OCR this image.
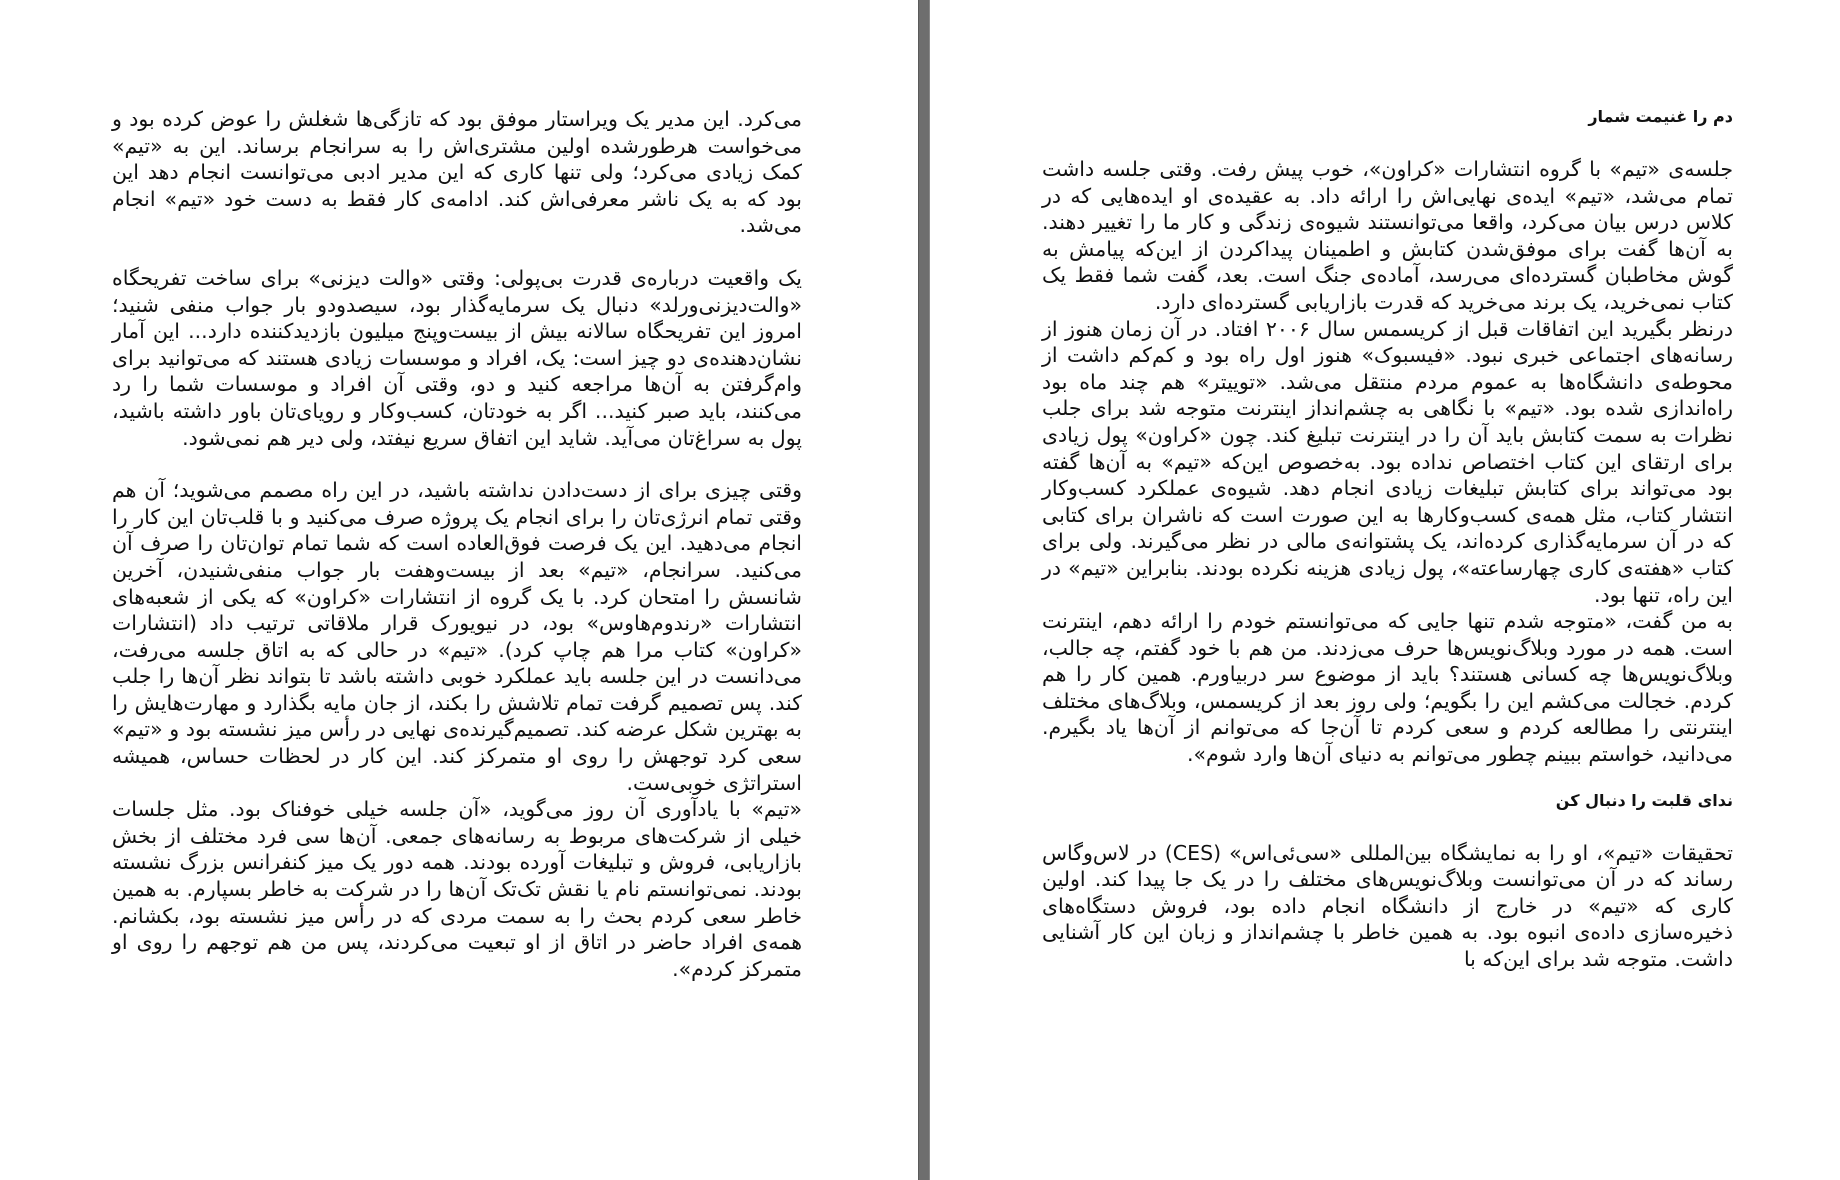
می‌کرد. این مدیر یک ویراستار موفق بود که تازگی‌ها شغلش را عوض کرده بود و می‌خواست هرطورشده اولین مشتری‌اش را به سرانجام برساند. این به «تیم» کمک زیادی می‌کرد؛ ولی تنها کاری که این مدیر ادبی می‌توانست انجام دهد این بود که به یک ناشر معرفی‌اش کند. ادامه‌ی کار فقط به دست خود «تیم» انجام می‌شد.

یک واقعیت درباره‌ی قدرت بی‌پولی: وقتی «والت دیزنی» برای ساخت تفریحگاه «والت‌دیزنی‌ورلد» دنبال یک سرمایه‌گذار بود، سیصدودو بار جواب منفی شنید؛ امروز این تفریحگاه سالانه بیش از بیست‌وپنج میلیون بازدیدکننده دارد... این آمار نشان‌دهنده‌ی دو چیز است: یک، افراد و موسسات زیادی هستند که می‌توانید برای وام‌گرفتن به آن‌ها مراجعه کنید و دو، وقتی آن افراد و موسسات شما را رد می‌کنند، باید صبر کنید... اگر به خودتان، کسب‌وکار و رویای‌تان باور داشته باشید، پول به سراغ‌تان می‌آید. شاید این اتفاق سریع نیفتد، ولی دیر هم نمی‌شود.

وقتی چیزی برای از دست‌دادن نداشته باشید، در این راه مصمم می‌شوید؛ آن هم وقتی تمام انرژی‌تان را برای انجام یک پروژه صرف می‌کنید و با قلب‌تان این کار را انجام می‌دهید. این یک فرصت فوق‌العاده است که شما تمام توان‌تان را صرف آن می‌کنید. سرانجام، «تیم» بعد از بیست‌وهفت بار جواب منفی‌شنیدن، آخرین شانسش را امتحان کرد. با یک گروه از انتشارات «کراون» که یکی از شعبه‌های انتشارات «رندوم‌هاوس» بود، در نیویورک قرار ملاقاتی ترتیب داد (انتشارات «کراون» کتاب مرا هم چاپ کرد). «تیم» در حالی که به اتاق جلسه می‌رفت، می‌دانست در این جلسه باید عملکرد خوبی داشته باشد تا بتواند نظر آن‌ها را جلب کند. پس تصمیم گرفت تمام تلاشش را بکند، از جان مایه بگذارد و مهارت‌هایش را به بهترین شکل عرضه کند. تصمیم‌گیرنده‌ی نهایی در رأس میز نشسته بود و «تیم» سعی کرد توجهش را روی او متمرکز کند. این کار در لحظات حساس، همیشه استراتژی خوبی‌ست.

«تیم» با یادآوری آن روز می‌گوید، «آن جلسه خیلی خوفناک بود. مثل جلسات خیلی از شرکت‌های مربوط به رسانه‌های جمعی. آن‌ها سی فرد مختلف از بخش بازاریابی، فروش و تبلیغات آورده بودند. همه دور یک میز کنفرانس بزرگ نشسته بودند. نمی‌توانستم نام یا نقش تک‌تک آن‌ها را در شرکت به خاطر بسپارم. به همین خاطر سعی کردم بحث را به سمت مردی که در رأس میز نشسته بود، بکشانم. همه‌ی افراد حاضر در اتاق از او تبعیت می‌کردند، پس من هم توجهم را روی او متمرکز کردم».

دم را غنیمت شمار

جلسه‌ی «تیم» با گروه انتشارات «کراون»، خوب پیش رفت. وقتی جلسه داشت تمام می‌شد، «تیم» ایده‌ی نهایی‌اش را ارائه داد. به عقیده‌ی او ایده‌هایی که در کلاس درس بیان می‌کرد، واقعا می‌توانستند شیوه‌ی زندگی و کار ما را تغییر دهند. به آن‌ها گفت برای موفق‌شدن کتابش و اطمینان پیداکردن از این‌که پیامش به گوش مخاطبان گسترده‌ای می‌رسد، آماده‌ی جنگ است. بعد، گفت شما فقط یک کتاب نمی‌خرید، یک برند می‌خرید که قدرت بازاریابی گسترده‌ای دارد.

درنظر بگیرید این اتفاقات قبل از کریسمس سال ۲۰۰۶ افتاد. در آن زمان هنوز از رسانه‌های اجتماعی خبری نبود. «فیسبوک» هنوز اول راه بود و کم‌کم داشت از محوطه‌ی دانشگاه‌ها به عموم مردم منتقل می‌شد. «توییتر» هم چند ماه بود راه‌اندازی شده بود. «تیم» با نگاهی به چشم‌انداز اینترنت متوجه شد برای جلب نظرات به سمت کتابش باید آن را در اینترنت تبلیغ کند. چون «کراون» پول زیادی برای ارتقای این کتاب اختصاص نداده بود. به‌خصوص این‌که «تیم» به آن‌ها گفته بود می‌تواند برای کتابش تبلیغات زیادی انجام دهد. شیوه‌ی عملکرد کسب‌وکار انتشار کتاب، مثل همه‌ی کسب‌وکارها به این صورت است که ناشران برای کتابی که در آن سرمایه‌گذاری کرده‌اند، یک پشتوانه‌ی مالی در نظر می‌گیرند. ولی برای کتاب «هفته‌ی کاری چهارساعته»، پول زیادی هزینه نکرده بودند. بنابراین «تیم» در این راه، تنها بود.

به من گفت، «متوجه شدم تنها جایی که می‌توانستم خودم را ارائه دهم، اینترنت است. همه در مورد وبلاگ‌نویس‌ها حرف می‌زدند. من هم با خود گفتم، چه جالب، وبلاگ‌نویس‌ها چه کسانی هستند؟ باید از موضوع سر دربیاورم. همین کار را هم کردم. خجالت می‌کشم این را بگویم؛ ولی روز بعد از کریسمس، وبلاگ‌های مختلف اینترنتی را مطالعه کردم و سعی کردم تا آن‌جا که می‌توانم از آن‌ها یاد بگیرم. می‌دانید، خواستم ببینم چطور می‌توانم به دنیای آن‌ها وارد شوم».

ندای قلبت را دنبال کن

تحقیقات «تیم»، او را به نمایشگاه بین‌المللی «سی‌ئی‌اس» (CES) در لاس‌وگاس رساند که در آن می‌توانست وبلاگ‌نویس‌های مختلف را در یک جا پیدا کند. اولین کاری که «تیم» در خارج از دانشگاه انجام داده بود، فروش دستگاه‌های ذخیره‌سازی داده‌ی انبوه بود. به همین خاطر با چشم‌انداز و زبان این کار آشنایی داشت. متوجه شد برای این‌که با
